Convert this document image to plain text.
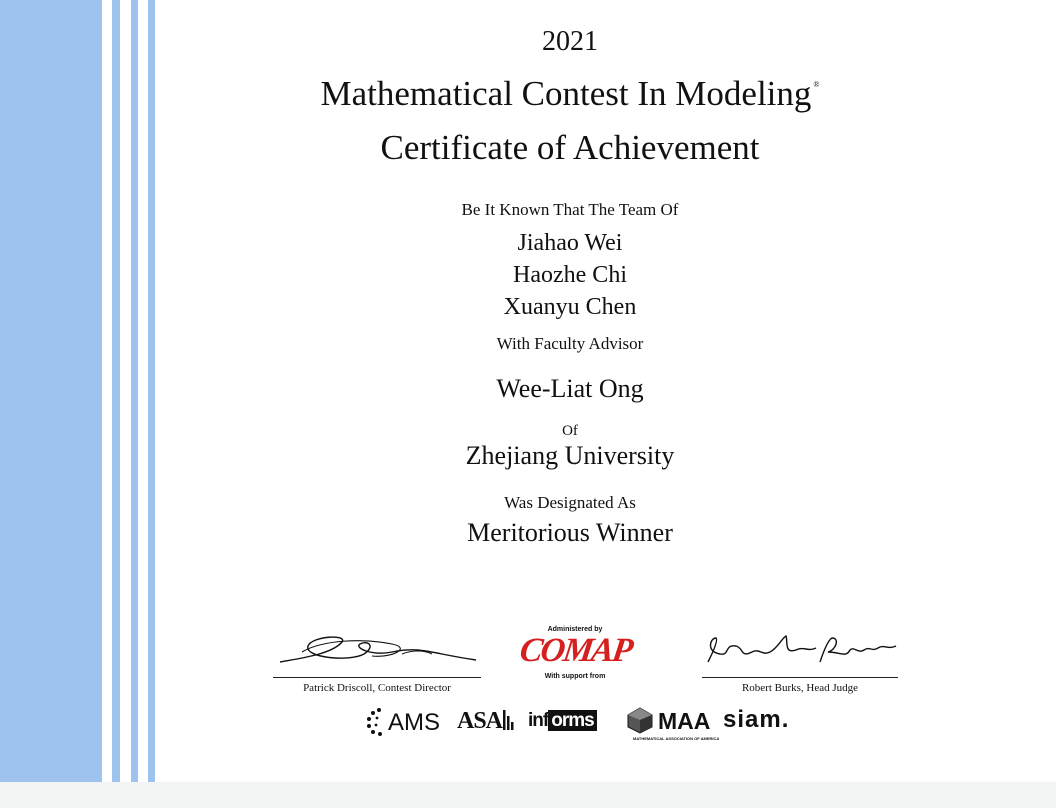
2021
Mathematical Contest In Modeling ®
Certificate of Achievement
Be It Known That The Team Of
Jiahao Wei
Haozhe Chi
Xuanyu Chen
With Faculty Advisor
Wee-Liat Ong
Of
Zhejiang University
Was Designated As
Meritorious Winner
Patrick Driscoll, Contest Director
Administered by
COMAP
With support from
Robert Burks, Head Judge
AMS ASA	inf orms	MAA
MATHEMATICAL ASSOCIATION OF AMERICA
siam.
